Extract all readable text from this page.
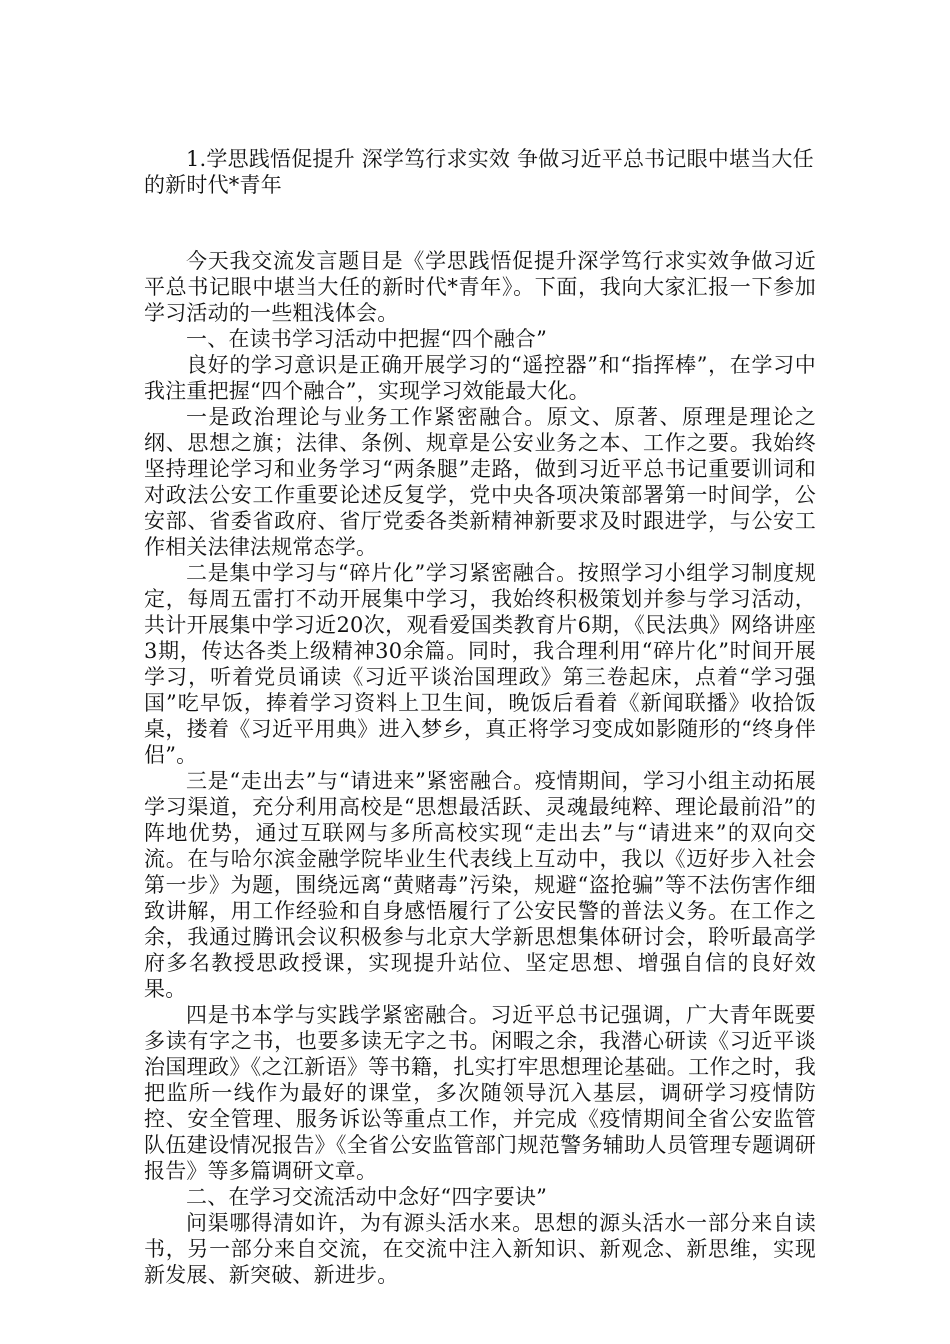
1.学思践悟促提升 深学笃行求实效 争做习近平总书记眼中堪当大任的新时代*青年

今天我交流发言题目是《学思践悟促提升深学笃行求实效争做习近平总书记眼中堪当大任的新时代*青年》。下面，我向大家汇报一下参加学习活动的一些粗浅体会。

一、在读书学习活动中把握“四个融合”

良好的学习意识是正确开展学习的“遥控器”和“指挥棒”，在学习中我注重把握“四个融合”，实现学习效能最大化。

一是政治理论与业务工作紧密融合。原文、原著、原理是理论之纲、思想之旗；法律、条例、规章是公安业务之本、工作之要。我始终坚持理论学习和业务学习“两条腿”走路，做到习近平总书记重要训词和对政法公安工作重要论述反复学，党中央各项决策部署第一时间学，公安部、省委省政府、省厅党委各类新精神新要求及时跟进学，与公安工作相关法律法规常态学。

二是集中学习与“碎片化”学习紧密融合。按照学习小组学习制度规定，每周五雷打不动开展集中学习，我始终积极策划并参与学习活动，共计开展集中学习近20次，观看爱国类教育片6期，《民法典》网络讲座3期，传达各类上级精神30余篇。同时，我合理利用“碎片化”时间开展学习，听着党员诵读《习近平谈治国理政》第三卷起床，点着“学习强国”吃早饭，捧着学习资料上卫生间，晚饭后看着《新闻联播》收拾饭桌，搂着《习近平用典》进入梦乡，真正将学习变成如影随形的“终身伴侣”。

三是“走出去”与“请进来”紧密融合。疫情期间，学习小组主动拓展学习渠道，充分利用高校是“思想最活跃、灵魂最纯粹、理论最前沿”的阵地优势，通过互联网与多所高校实现“走出去”与“请进来”的双向交流。在与哈尔滨金融学院毕业生代表线上互动中，我以《迈好步入社会第一步》为题，围绕远离“黄赌毒”污染，规避“盗抢骗”等不法伤害作细致讲解，用工作经验和自身感悟履行了公安民警的普法义务。在工作之余，我通过腾讯会议积极参与北京大学新思想集体研讨会，聆听最高学府多名教授思政授课，实现提升站位、坚定思想、增强自信的良好效果。

四是书本学与实践学紧密融合。习近平总书记强调，广大青年既要多读有字之书，也要多读无字之书。闲暇之余，我潜心研读《习近平谈治国理政》《之江新语》等书籍，扎实打牢思想理论基础。工作之时，我把监所一线作为最好的课堂，多次随领导沉入基层，调研学习疫情防控、安全管理、服务诉讼等重点工作，并完成《疫情期间全省公安监管队伍建设情况报告》《全省公安监管部门规范警务辅助人员管理专题调研报告》等多篇调研文章。

二、在学习交流活动中念好“四字要诀”

问渠哪得清如许，为有源头活水来。思想的源头活水一部分来自读书，另一部分来自交流，在交流中注入新知识、新观念、新思维，实现新发展、新突破、新进步。
